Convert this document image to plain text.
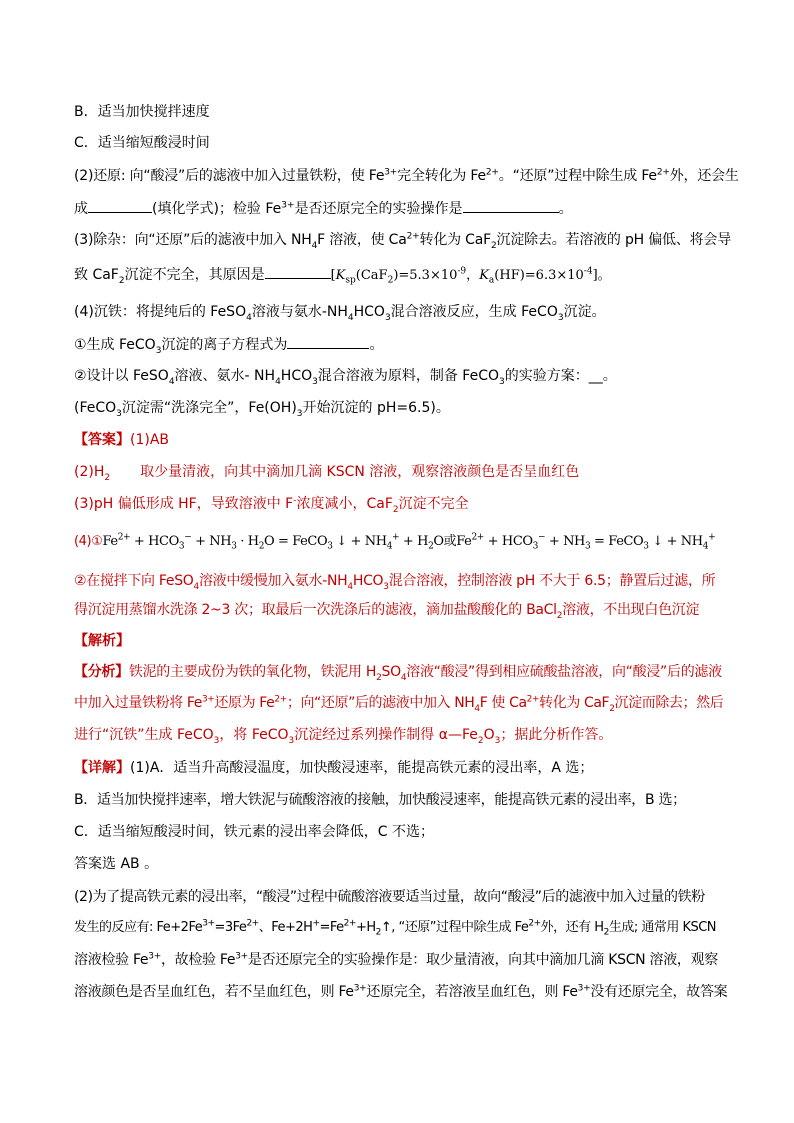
B．适当加快搅拌速度
C．适当缩短酸浸时间
(2)还原: 向“酸浸”后的滤液中加入过量铁粉，使 $Fe^{3+}$完全转化为 $Fe^{2+}$。“还原”过程中除生成 $Fe^{2+}$外，还会生
成	(填化学式)；检验 $Fe^{3+}$是否还原完全的实验操作是	。
(3)除杂：向“还原”后的滤液中加入 $NH_4F$ 溶液，使 $Ca^{2+}$转化为 CaF$_2$沉淀除去。若溶液的 pH 偏低、将会导
致 CaF$_2$沉淀不完全，其原因是	[$K_{sp}(CaF_2)=5.3\times 10^{-9}$，$K_a(HF)=6.3\times 10^{-4}$]。
(4)沉铁：将提纯后的 FeSO$_4$溶液与氨水$-NH_4HCO_3$混合溶液反应，生成 FeCO$_3$沉淀。
①生成 FeCO$_3$沉淀的离子方程式为	。
②设计以 FeSO$_4$溶液、氨水- $NH_4HCO_3$混合溶液为原料，制备 FeCO$_3$的实验方案：__。
(FeCO$_3$沉淀需“洗涤完全”，$Fe(OH)_3$开始沉淀的 pH=6.5)。
【答案】(1)AB
$(2)H_2$ 取少量清液，向其中滴加几滴 KSCN 溶液，观察溶液颜色是否呈血红色
(3)pH 偏低形成 HF，导致溶液中 F-浓度减小，CaF$_2$沉淀不完全
$(4)①Fe^{2+} + HCO_3^- + NH_3 \cdot H_2O$ = FeCO$_3$ ↓ + $NH_4^+ + H_2O$或$Fe^{2+} + HCO_3^- + NH_3$ = FeCO$_3$ ↓ + $NH_4^+$
②在搅拌下向 FeSO$_4$溶液中缓慢加入氨水$-NH_4HCO_3$混合溶液，控制溶液 pH 不大于 6.5；静置后过滤，所
得沉淀用蒸馏水洗涤 2~3 次；取最后一次洗涤后的滤液，滴加盐酸酸化的 BaCl$_2$溶液，不出现白色沉淀
【解析】
【分析】铁泥的主要成份为铁的氧化物，铁泥用 $H_2SO_4$溶液“酸浸”得到相应硫酸盐溶液，向“酸浸”后的滤液
中加入过量铁粉将 $Fe^{3+}$还原为 $Fe^{2+}$；向“还原”后的滤液中加入 $NH_4F$ 使 $Ca^{2+}$转化为 CaF$_2$沉淀而除去；然后
进行“沉铁”生成 FeCO$_3$，将 FeCO$_3$沉淀经过系列操作制得 $\alpha—Fe_2O_3$；据此分析作答。
【详解】(1)A．适当升高酸浸温度，加快酸浸速率，能提高铁元素的浸出率，A 选；
B．适当加快搅拌速率，增大铁泥与硫酸溶液的接触，加快酸浸速率，能提高铁元素的浸出率，B 选；
C．适当缩短酸浸时间，铁元素的浸出率会降低，C 不选；
答案选 AB 。
(2)为了提高铁元素的浸出率，“酸浸”过程中硫酸溶液要适当过量，故向“酸浸”后的滤液中加入过量的铁粉
发生的反应有: $Fe+2Fe^{3+}=3Fe^{2+}$、$Fe+2H^+=Fe^{2+}+H_2↑$, “还原”过程中除生成 $Fe^{2+}$外，还有 $H_2$生成; 通常用 KSCN
溶液检验 $Fe^{3+}$，故检验 $Fe^{3+}$是否还原完全的实验操作是：取少量清液，向其中滴加几滴 KSCN 溶液，观察
溶液颜色是否呈血红色，若不呈血红色，则 $Fe^{3+}$还原完全，若溶液呈血红色，则 $Fe^{3+}$没有还原完全，故答案
